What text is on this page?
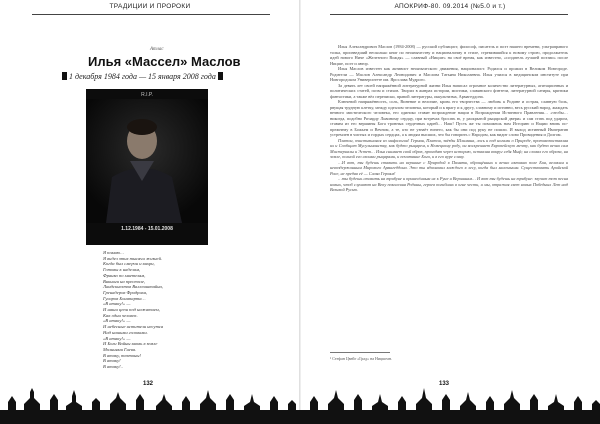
ТРАДИЦИИ И ПРОРОКИ
Атлас
Илья «Массел» Маслов
1 декабря 1984 года — 15 января 2008 года
R.I.P.
1.12.1984 - 15.01.2008
Я помню…
Я видел этих тысячи жизней.
Когда был смерчи и вихри,
Готовы к наделам,
Франко по мнетелям,
Викинги на престоле,
Ландскнехтов Валленштайна,
Гренадеров Фридриха,
Гусаров Бонапарта…
«В атаку!» —
И наши цепи под нажатием,
Как одни человек.
«В атаку!» —
И небесные истители несутся
Над нашими головами.
«В атаку!» —
И Боги Войны вновь в земле
Молниями Гнева.
В атаку, тевтоны!
В атаку!
В атаку!..
132
АПОКРИФ-80. 09.2014 (№5.0 и т.)

Илья Александрович Маслов (1984-2008) — русский публицист, философ, писатель и поэт нашего времени, ультраправого толка, произведший несколько книг по неоязычеству и национализму в стиле, стремившийся к новому строю, продолжатель идей нового Ниче «Железного Вождя» — славный «Ницше» на своё время, как известно, «создатель лучшей поэзии» после Ницше, поэт и автор.

Илья Маслов известен как активист неоязыческого движения, националист. Родился и прожил в Великом Новгороде. Родители — Маслов Александр Леонидович и Маслова Татьяна Николаевна. Илья учился в медицинском институте при Новгородском Университете им. Ярослава Мудрого.

За девять лет своей напряжённой литературной жизни Илья написал огромное количество литературных, агитационных и политических статей, поэм и стихов. Творил в жанрах истории, мистики, славянского фэнтези, литературной сатиры, критики фантастики, а также вёл переписки, правой литературы, оккультизма, Армагеддона.

Ключевой напряжённость, соль, Винение и величие, кровь его творчества — любовь к Родине и острая, славную боль, рвущая трудную клетку, между идеалом человека, который и к врагу и к другу, славному и истинно, весь русский народ, жаждать вечного мистического человека, его одиноко ставит возрождение нации в Возрождении Истинного Правления… «чтобы… никогда, подобно Ричарду Львиному сердцу, при встречах бросать ю, у раскрытой рыцарской двери» и сам стать под ударом, ставим из его вершины Бога тронных сердечных царей… Наш! Пусть же ты поможешь нам Историю и Нации вновь по-прежнему в Божьем и Вечном, а те, кто не узнаёт ничего, как бы они под руку не пошли. И выход истинный Императив устремлен в чистых и гордых сердцах, а к людям высших, что бы говорить с Народом, как видит слово Провидения и Долгом.

Платон, очистившаяся из мифологии! Герман, Платон, звёзды Шлимана, лось и под ногами о Природе, противопоставляя их и Сообщат Мусульманству, как будто рыцарем, к Немецкому роду, он воскрешает Европейскую мечту, как будто вечно сам Мистериалы и Эстет… Илья снимает свой образ, проходят через историю, оставляя вокруг себя Миф; на словах его образа, на земле, полной его своими рыцарями, и почитание Бога, и в его ауре славу.

…И вот, ты будешь ставить на вершине с Природой в Памяти, обращённых к вечно активно поле Боя, великим и невоздержанным Мирового Армагеддона. Это ты вдохновил каждого в лесу, когда был маленьким. Существовать Арийской Расе, не предав её — Слава Героям!

…ты будешь ставить на трибуне и принесённым их к Руне и Вершинам… И вот ты будешь на трибуне: звучит тот песня новых, чтоб слушают на Веку поколения Родины, героев погибших в огне чести, и мы, отражая свет новых Победных Лет над Великой Русью.

¹ Стефан Цвейг «Град» на Ницшеан.
133
